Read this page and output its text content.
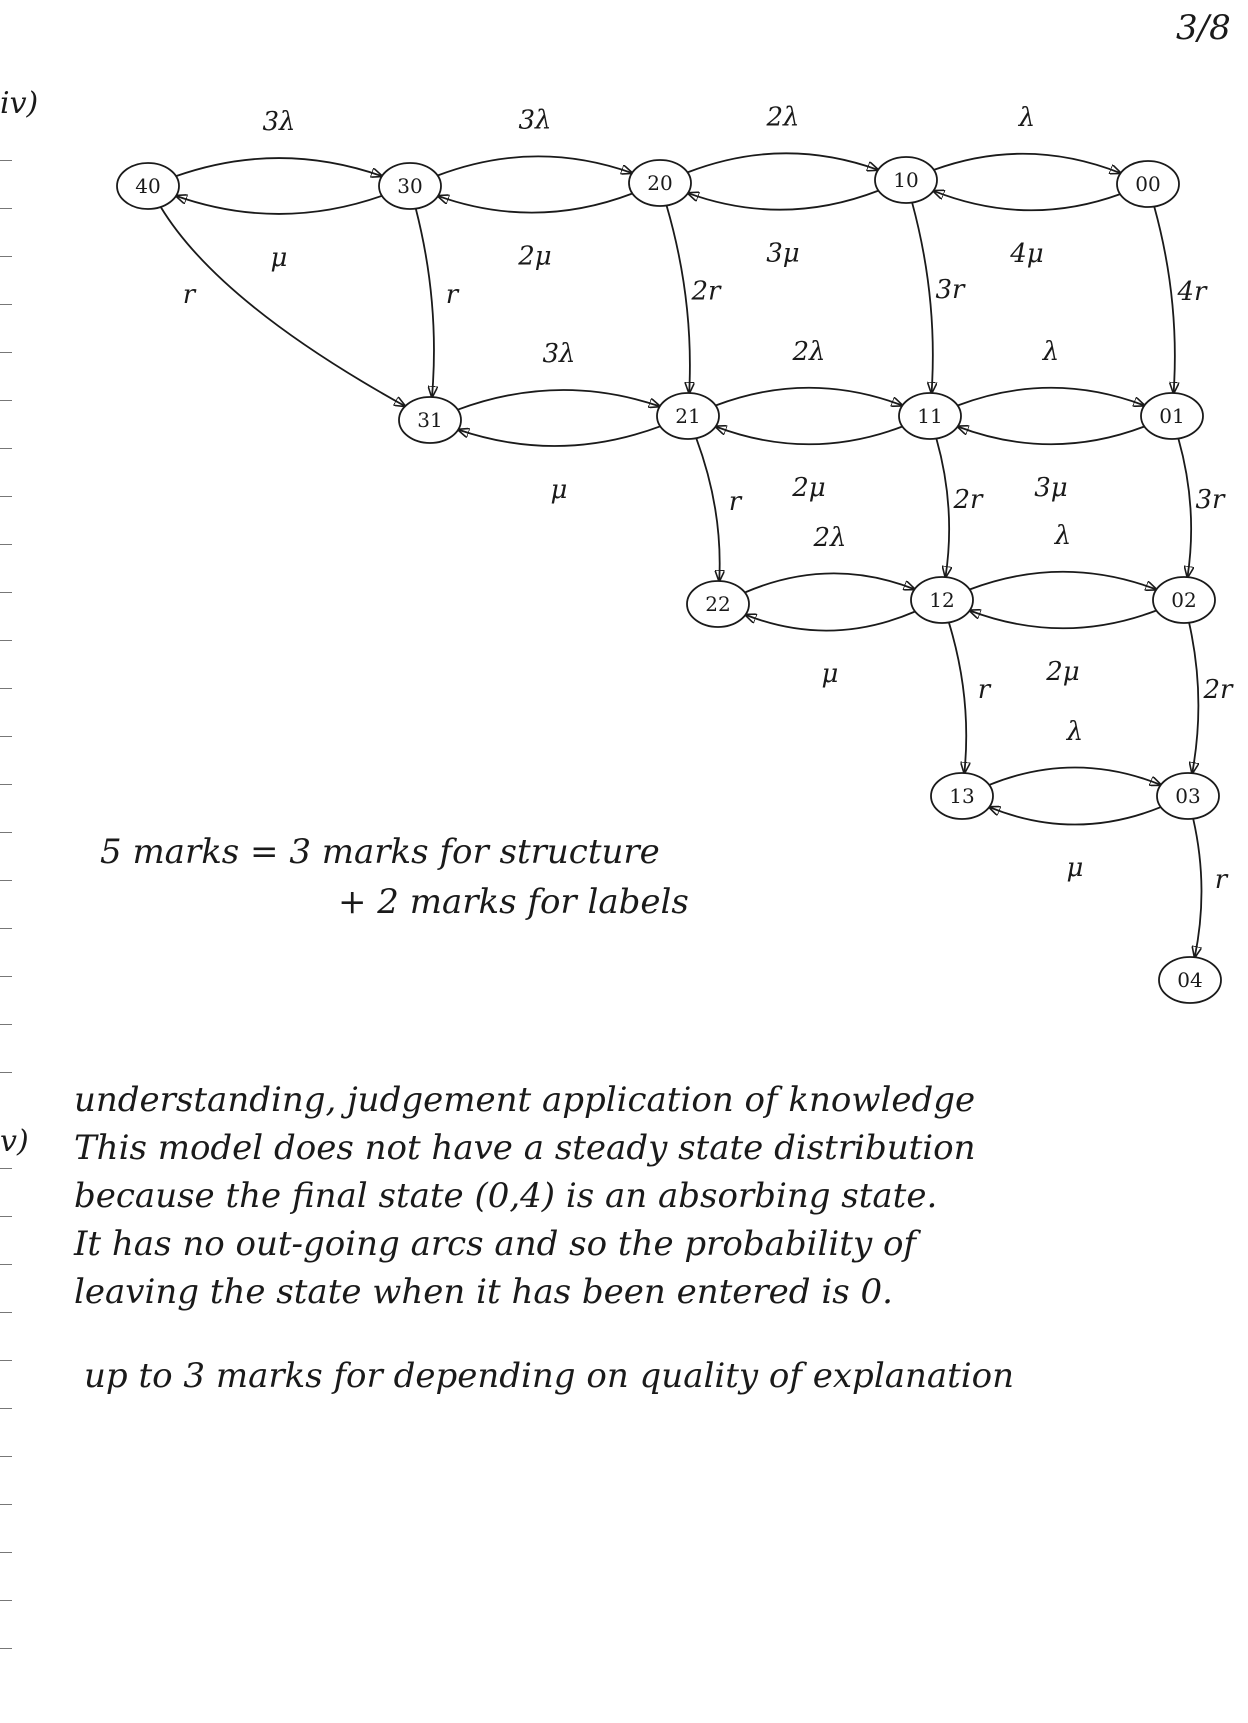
3/8
iv)
v)
3λ
μ
3λ
2μ
2λ
3μ
λ
4μ
r	r	2r	3r	4r
3λ
μ
2λ
2μ
λ
3μ
r	2r	3r
2λ
μ
λ
2μ
r	2r
λ
μ	r
40	30	20	10	00
31	21	11	01
22	12	02
13	03
04
5 marks = 3 marks for structure
+ 2 marks for labels
understanding, judgement application of knowledge
This model does not have a steady state distribution
because the final state (0,4) is an absorbing state.
It has no out-going arcs and so the probability of
leaving the state when it has been entered is 0.
up to 3 marks for depending on quality of explanation
